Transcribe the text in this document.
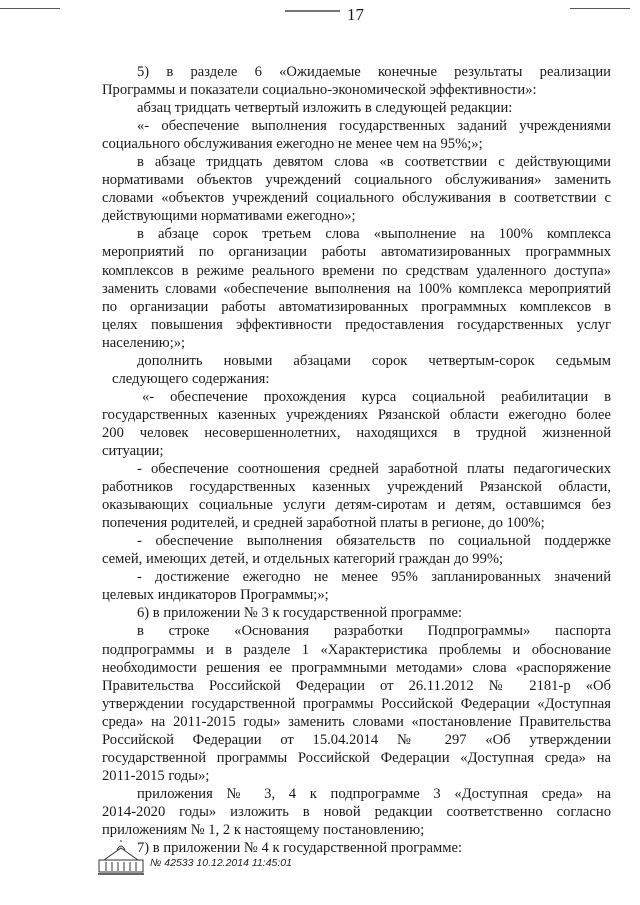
17
5) в разделе 6 «Ожидаемые конечные результаты реализации
Программы и показатели социально-экономической эффективности»:
абзац тридцать четвертый изложить в следующей редакции:
«- обеспечение выполнения государственных заданий учреждениями
социального обслуживания ежегодно не менее чем на 95%;»;
в абзаце тридцать девятом слова «в соответствии с действующими
нормативами объектов учреждений социального обслуживания» заменить
словами «объектов учреждений социального обслуживания в соответствии с
действующими нормативами ежегодно»;
в абзаце сорок третьем слова «выполнение на 100% комплекса
мероприятий по организации работы автоматизированных программных
комплексов в режиме реального времени по средствам удаленного доступа»
заменить словами «обеспечение выполнения на 100% комплекса мероприятий
по организации работы автоматизированных программных комплексов в
целях повышения эффективности предоставления государственных услуг
населению;»;
дополнить новыми абзацами сорок четвертым-сорок седьмым
следующего содержания:
«- обеспечение прохождения курса социальной реабилитации в
государственных казенных учреждениях Рязанской области ежегодно более
200 человек несовершеннолетних, находящихся в трудной жизненной
ситуации;
- обеспечение соотношения средней заработной платы педагогических
работников государственных казенных учреждений Рязанской области,
оказывающих социальные услуги детям-сиротам и детям, оставшимся без
попечения родителей, и средней заработной платы в регионе, до 100%;
- обеспечение выполнения обязательств по социальной поддержке
семей, имеющих детей, и отдельных категорий граждан до 99%;
- достижение ежегодно не менее 95% запланированных значений
целевых индикаторов Программы;»;
6) в приложении № 3 к государственной программе:
в строке «Основания разработки Подпрограммы» паспорта
подпрограммы и в разделе 1 «Характеристика проблемы и обоснование
необходимости решения ее программными методами» слова «распоряжение
Правительства Российской Федерации от 26.11.2012 № 2181-р «Об
утверждении государственной программы Российской Федерации «Доступная
среда» на 2011-2015 годы» заменить словами «постановление Правительства
Российской Федерации от 15.04.2014 № 297 «Об утверждении
государственной программы Российской Федерации «Доступная среда» на
2011-2015 годы»;
приложения № 3, 4 к подпрограмме 3 «Доступная среда» на
2014-2020 годы» изложить в новой редакции соответственно согласно
приложениям № 1, 2 к настоящему постановлению;
7) в приложении № 4 к государственной программе:
№ 42533 10.12.2014 11:45:01
